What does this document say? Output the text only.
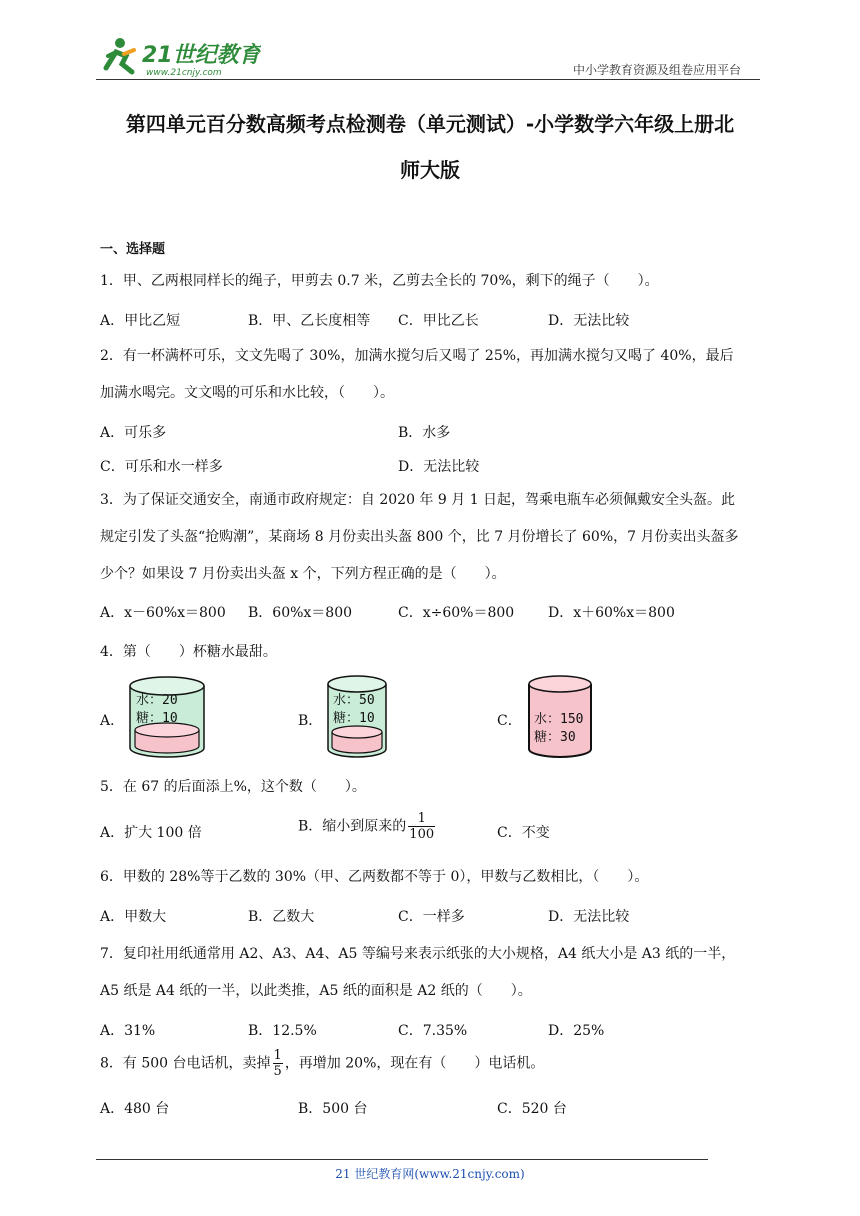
21世纪教育
www.21cnjy.com	中小学教育资源及组卷应用平台
第四单元百分数高频考点检测卷（单元测试）-小学数学六年级上册北
师大版
一、选择题
1．甲、乙两根同样长的绳子，甲剪去 0.7 米，乙剪去全长的 70%，剩下的绳子（　　）。
A．甲比乙短	B．甲、乙长度相等 C．甲比乙长	D．无法比较
2．有一杯满杯可乐，文文先喝了 30%，加满水搅匀后又喝了 25%，再加满水搅匀又喝了 40%，最后
加满水喝完。文文喝的可乐和水比较，（　　）。
A．可乐多	B．水多
C．可乐和水一样多	D．无法比较
3．为了保证交通安全，南通市政府规定：自 2020 年 9 月 1 日起，驾乘电瓶车必须佩戴安全头盔。此
规定引发了头盔“抢购潮”，某商场 8 月份卖出头盔 800 个，比 7 月份增长了 60%，7 月份卖出头盔多
少个？如果设 7 月份卖出头盔 x 个，下列方程正确的是（　　）。
A．x－60%x＝800 B．60%x＝800	C．x÷60%＝800 D．x＋60%x＝800
4．第（　　）杯糖水最甜。
A．
水：20
糖：10	B．
水：50
糖：10	C． 水：150
糖：30
5．在 67 的后面添上%，这个数（　　）。
A．扩大 100 倍	B．缩小到原来的 $\frac{1}{100}$	C．不变
6．甲数的 28%等于乙数的 30%（甲、乙两数都不等于 0），甲数与乙数相比，（　　）。
A．甲数大	B．乙数大	C．一样多	D．无法比较
7．复印社用纸通常用 A2、A3、A4、A5 等编号来表示纸张的大小规格，A4 纸大小是 A3 纸的一半，
A5 纸是 A4 纸的一半，以此类推，A5 纸的面积是 A2 纸的（　　）。
A．31%	B．12.5%	C．7.35%	D．25%
8．有 500 台电话机，卖掉 $\frac{1}{5}$ ，再增加 20%，现在有（　　）电话机。
A．480 台	B．500 台	C．520 台
21 世纪教育网(www.21cnjy.com)
